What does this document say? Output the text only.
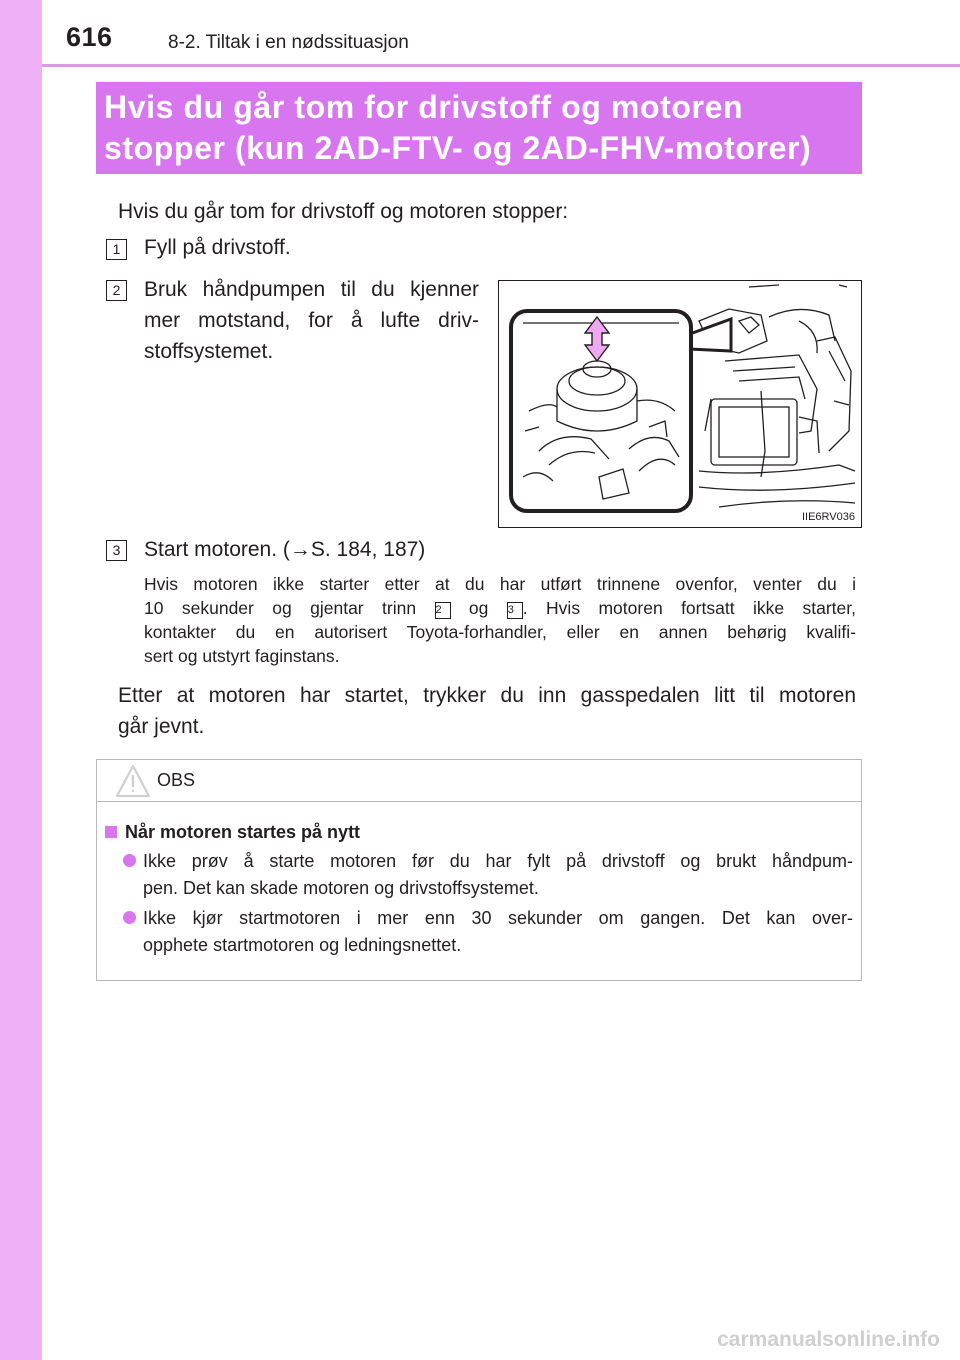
616	8-2. Tiltak i en nødssituasjon
Hvis du går tom for drivstoff og motoren
stopper (kun 2AD-FTV- og 2AD-FHV-motorer)
Hvis du går tom for drivstoff og motoren stopper:
1	Fyll på drivstoff.
2	Bruk håndpumpen til du kjenner
mer motstand, for å lufte driv-
stoffsystemet.
IIE6RV036
3	Start motoren. (→S. 184, 187)
Hvis motoren ikke starter etter at du har utført trinnene ovenfor, venter du i
10 sekunder og gjentar trinn 2 og 3 . Hvis motoren fortsatt ikke starter,
kontakter du en autorisert Toyota-forhandler, eller en annen behørig kvalifi-
sert og utstyrt faginstans.
Etter at motoren har startet, trykker du inn gasspedalen litt til motoren
går jevnt.
OBS
Når motoren startes på nytt
Ikke prøv å starte motoren før du har fylt på drivstoff og brukt håndpum-
pen. Det kan skade motoren og drivstoffsystemet.
Ikke kjør startmotoren i mer enn 30 sekunder om gangen. Det kan over-
opphete startmotoren og ledningsnettet.
carmanualsonline.info
